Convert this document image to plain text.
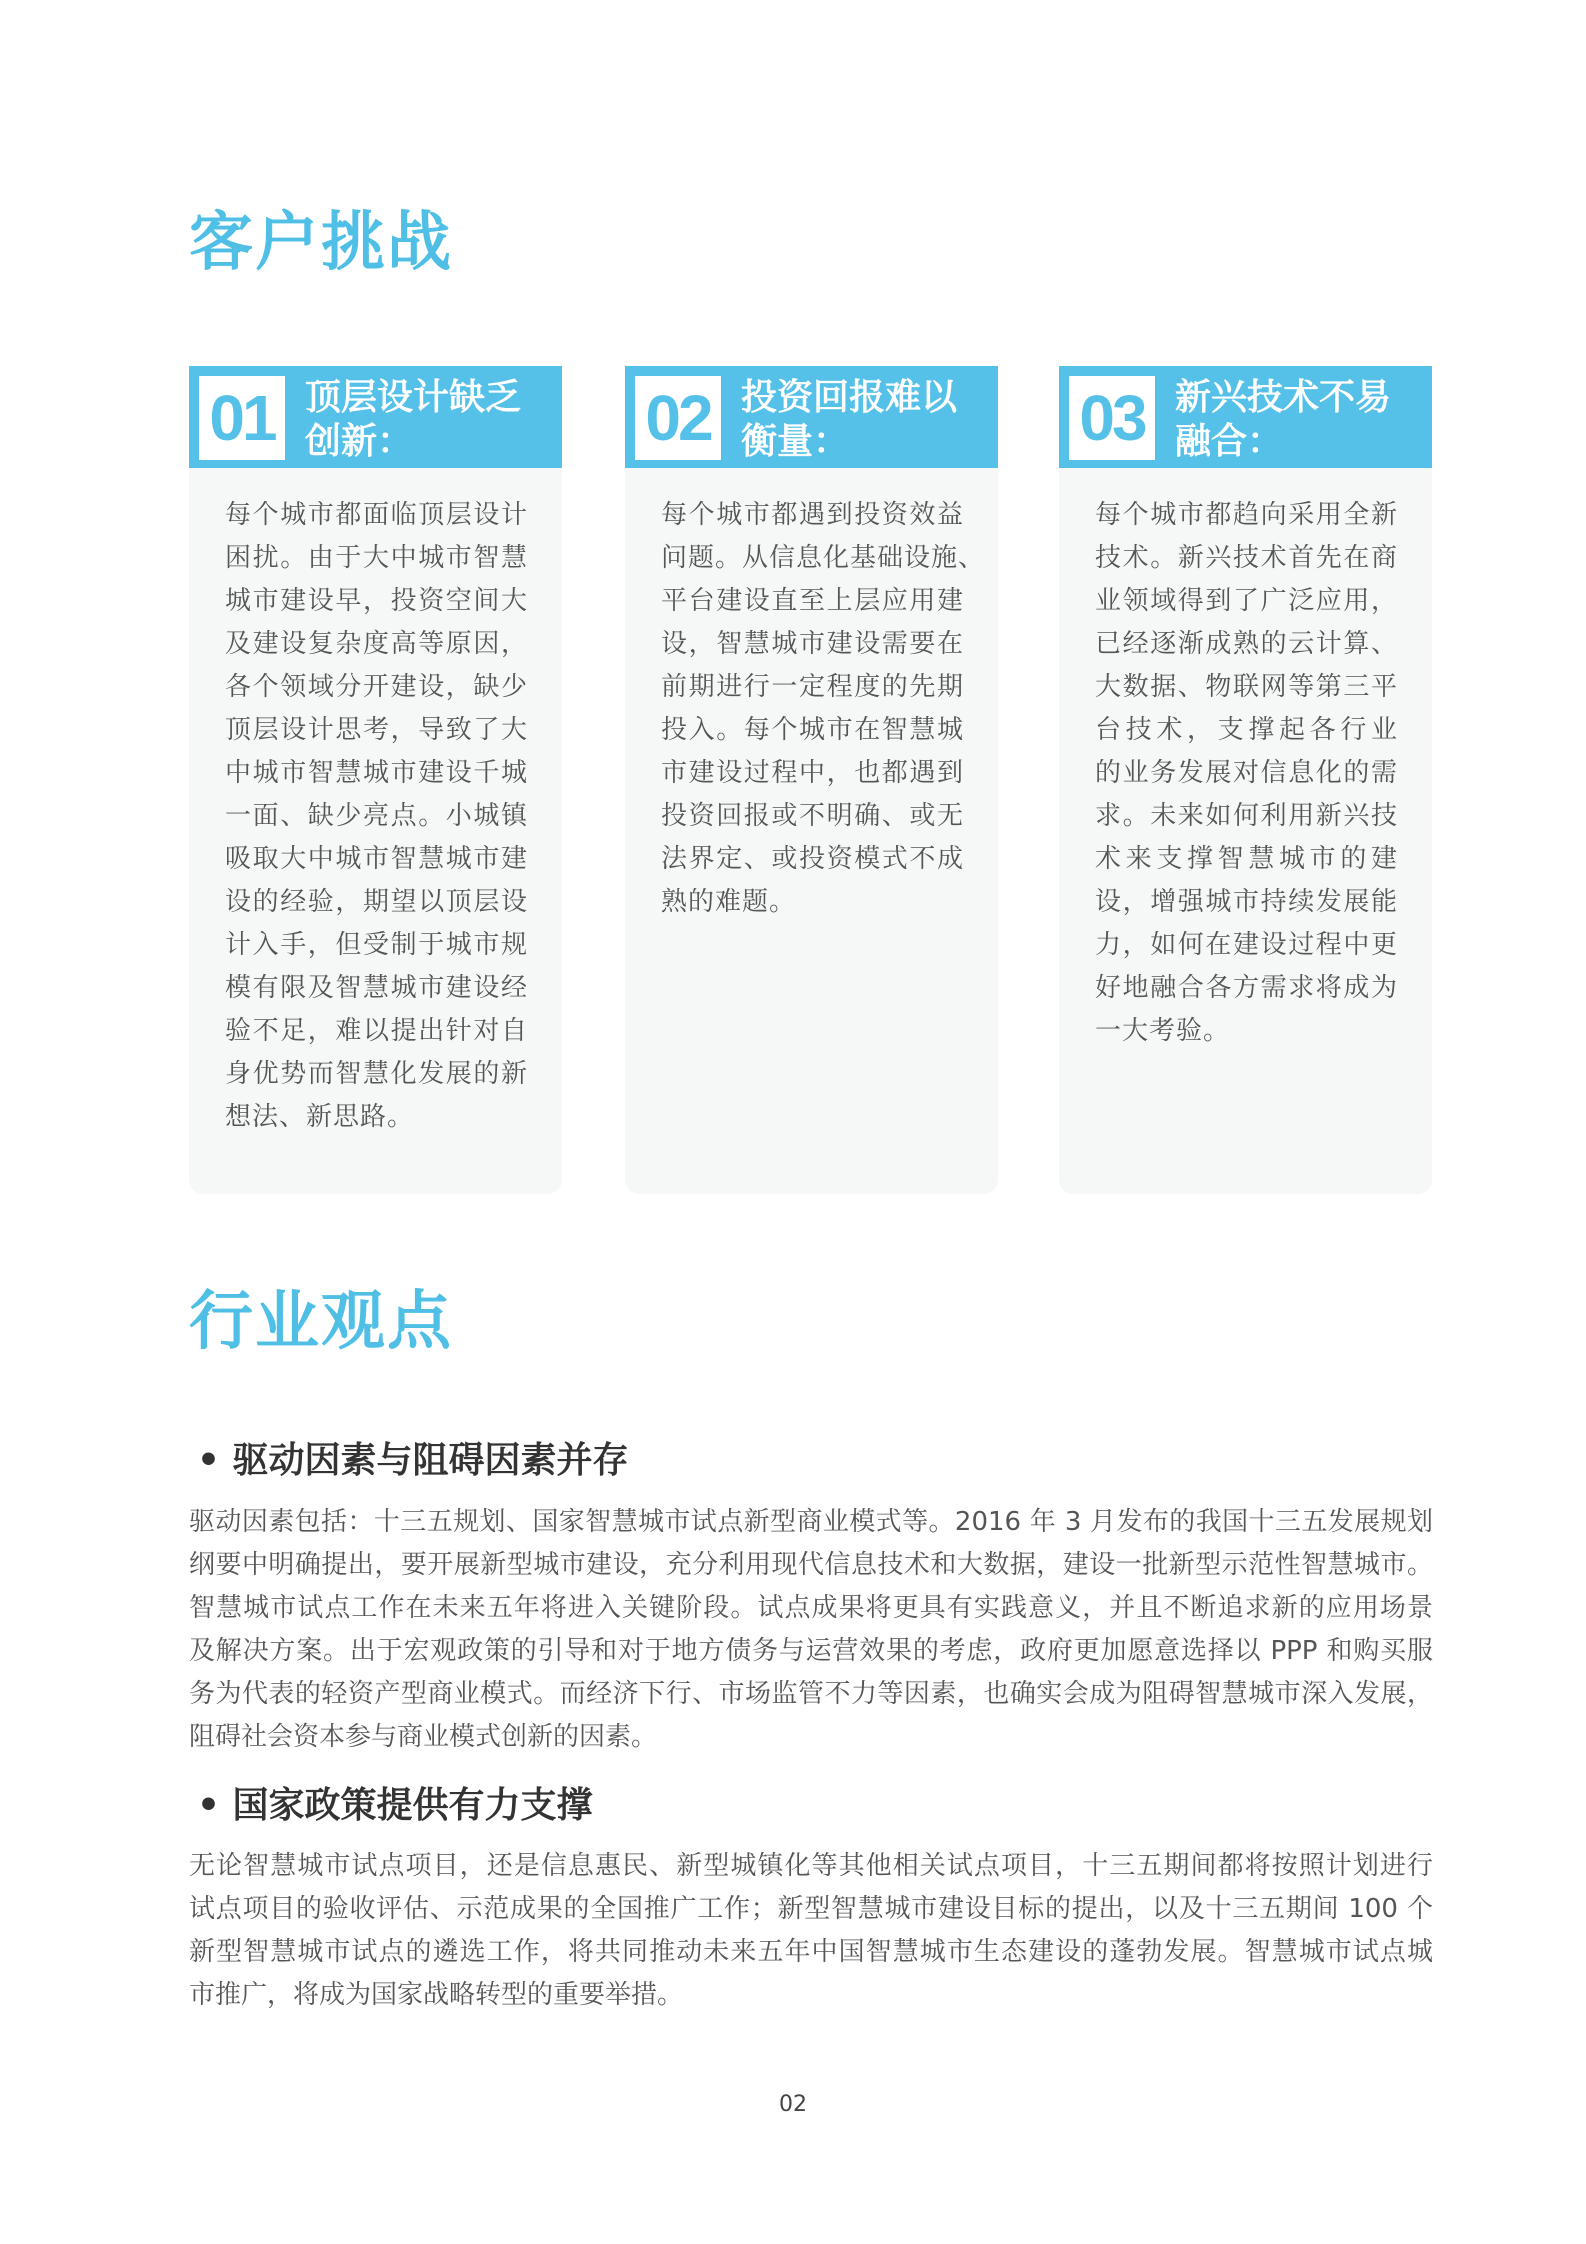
客户挑战
01 顶层设计缺乏
创新：
每个城市都面临顶层设计
困扰。由于大中城市智慧
城市建设早，投资空间大
及建设复杂度高等原因，
各个领域分开建设，缺少
顶层设计思考，导致了大
中城市智慧城市建设千城
一面、缺少亮点。小城镇
吸取大中城市智慧城市建
设的经验，期望以顶层设
计入手，但受制于城市规
模有限及智慧城市建设经
验不足，难以提出针对自
身优势而智慧化发展的新
想法、新思路。
02 投资回报难以
衡量：
每个城市都遇到投资效益
问题。从信息化基础设施、
平台建设直至上层应用建
设，智慧城市建设需要在
前期进行一定程度的先期
投入。每个城市在智慧城
市建设过程中，也都遇到
投资回报或不明确、或无
法界定、或投资模式不成
熟的难题。
03 新兴技术不易
融合：
每个城市都趋向采用全新
技术。新兴技术首先在商
业领域得到了广泛应用，
已经逐渐成熟的云计算、
大数据、物联网等第三平
台技术，支撑起各行业
的业务发展对信息化的需
求。未来如何利用新兴技
术来支撑智慧城市的建
设，增强城市持续发展能
力，如何在建设过程中更
好地融合各方需求将成为
一大考验。
行业观点
• 驱动因素与阻碍因素并存
驱动因素包括：十三五规划、国家智慧城市试点新型商业模式等。2016 年 3 月发布的我国十三五发展规划
纲要中明确提出，要开展新型城市建设，充分利用现代信息技术和大数据，建设一批新型示范性智慧城市。
智慧城市试点工作在未来五年将进入关键阶段。试点成果将更具有实践意义，并且不断追求新的应用场景
及解决方案。出于宏观政策的引导和对于地方债务与运营效果的考虑，政府更加愿意选择以 PPP 和购买服
务为代表的轻资产型商业模式。而经济下行、市场监管不力等因素，也确实会成为阻碍智慧城市深入发展，
阻碍社会资本参与商业模式创新的因素。
• 国家政策提供有力支撑
无论智慧城市试点项目，还是信息惠民、新型城镇化等其他相关试点项目，十三五期间都将按照计划进行
试点项目的验收评估、示范成果的全国推广工作；新型智慧城市建设目标的提出，以及十三五期间 100 个
新型智慧城市试点的遴选工作，将共同推动未来五年中国智慧城市生态建设的蓬勃发展。智慧城市试点城
市推广，将成为国家战略转型的重要举措。
02
